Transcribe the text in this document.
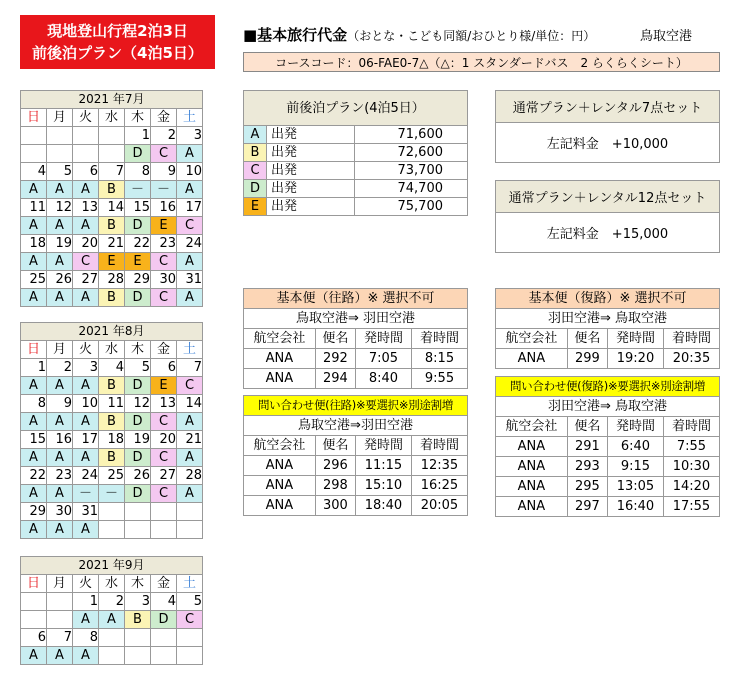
現地登山行程2泊3日
前後泊プラン（4泊5日）
■基本旅行代金（おとな・こども同額/おひとり様/単位：円）	鳥取空港
コースコード：06-FAE0-7△（△：1 スタンダードバス　2 らくらくシート）
2021 年7月						
日	月	火	水	木	金	土
				1	2	3
				D	C	A
4	5	6	7	8	9	10
A	A	A	B	－	－	A
11	12	13	14	15	16	17
A	A	A	B	D	E	C
18	19	20	21	22	23	24
A	A	C	E	E	C	A
25	26	27	28	29	30	31
A	A	A	B	D	C	A
2021 年8月						
日	月	火	水	木	金	土
1	2	3	4	5	6	7
A	A	A	B	D	E	C
8	9	10	11	12	13	14
A	A	A	B	D	C	A
15	16	17	18	19	20	21
A	A	A	B	D	C	A
22	23	24	25	26	27	28
A	A	－	－	D	C	A
29	30	31				
A	A	A				
2021 年9月						
日	月	火	水	木	金	土
		1	2	3	4	5
		A	A	B	D	C
6	7	8				
A	A	A				
前後泊プラン(4泊5日）		
A	出発	71,600
B	出発	72,600
C	出発	73,700
D	出発	74,700
E	出発	75,700
通常プラン＋レンタル7点セット
左記料金　+10,000
通常プラン＋レンタル12点セット
左記料金　+15,000
基本便（往路）※ 選択不可			
鳥取空港⇒ 羽田空港			
航空会社	便名	発時間	着時間
ANA	292	7:05	8:15
ANA	294	8:40	9:55
問い合わせ便(往路)※要選択※別途割増			
鳥取空港⇒羽田空港			
航空会社	便名	発時間	着時間
ANA	296	11:15	12:35
ANA	298	15:10	16:25
ANA	300	18:40	20:05
基本便（復路）※ 選択不可			
羽田空港⇒ 鳥取空港			
航空会社	便名	発時間	着時間
ANA	299	19:20	20:35
問い合わせ便(復路)※要選択※別途割増			
羽田空港⇒ 鳥取空港			
航空会社	便名	発時間	着時間
ANA	291	6:40	7:55
ANA	293	9:15	10:30
ANA	295	13:05	14:20
ANA	297	16:40	17:55
